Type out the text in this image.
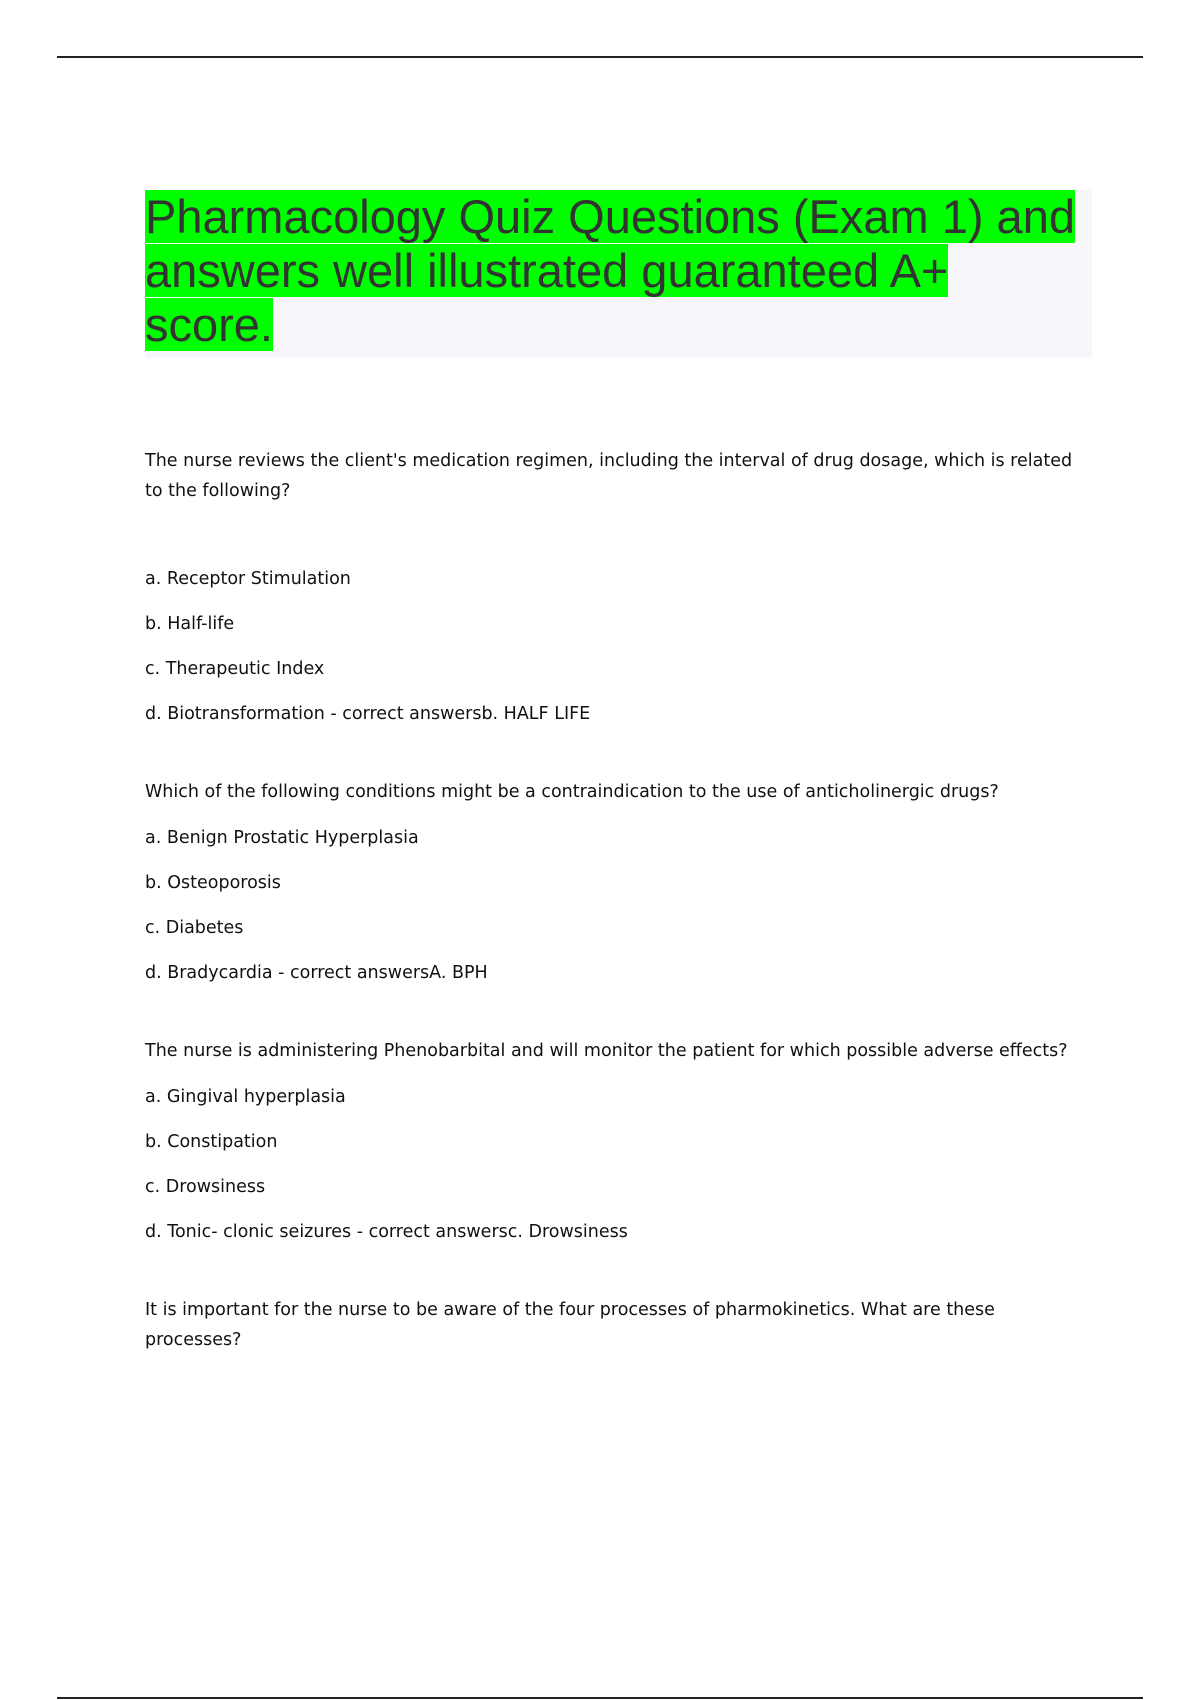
Pharmacology Quiz Questions (Exam 1) and answers well illustrated guaranteed A+ score.

The nurse reviews the client's medication regimen, including the interval of drug dosage, which is related to the following?

a. Receptor Stimulation

b. Half-life

c. Therapeutic Index

d. Biotransformation - correct answersb. HALF LIFE

Which of the following conditions might be a contraindication to the use of anticholinergic drugs?

a. Benign Prostatic Hyperplasia

b. Osteoporosis

c. Diabetes

d. Bradycardia - correct answersA. BPH

The nurse is administering Phenobarbital and will monitor the patient for which possible adverse effects?

a. Gingival hyperplasia

b. Constipation

c. Drowsiness

d. Tonic- clonic seizures - correct answersc. Drowsiness

It is important for the nurse to be aware of the four processes of pharmokinetics. What are these processes?
